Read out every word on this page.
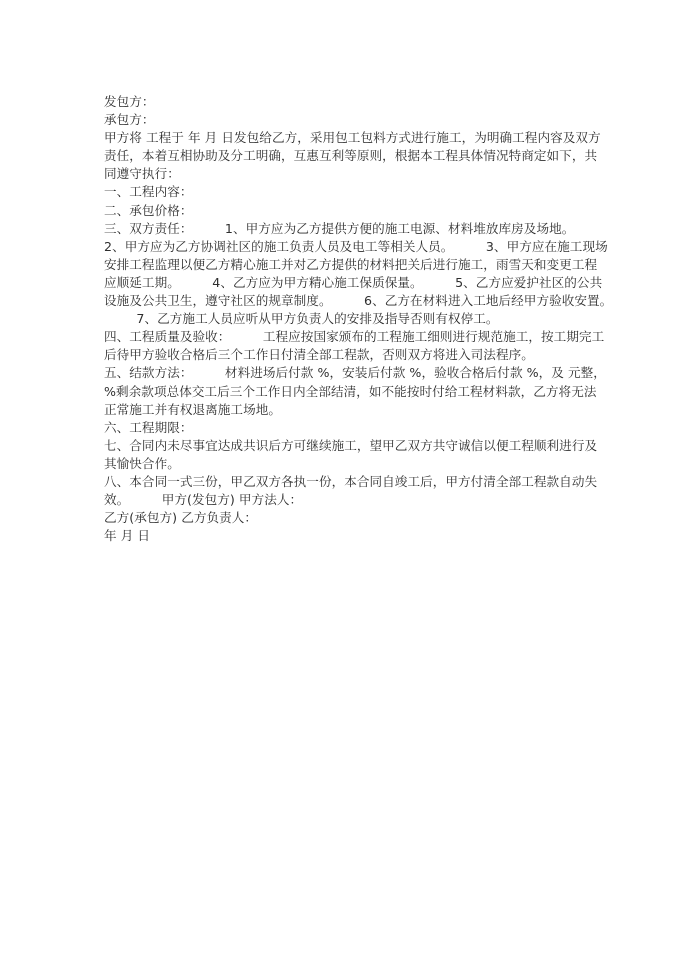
发包方：
承包方：
甲方将 工程于 年 月 日发包给乙方，采用包工包料方式进行施工，为明确工程内容及双方
责任，本着互相协助及分工明确，互惠互利等原则，根据本工程具体情况特商定如下，共
同遵守执行：
一、工程内容：
二、承包价格：
三、双方责任：        1、甲方应为乙方提供方便的施工电源、材料堆放库房及场地。
2、甲方应为乙方协调社区的施工负责人员及电工等相关人员。        3、甲方应在施工现场
安排工程监理以便乙方精心施工并对乙方提供的材料把关后进行施工，雨雪天和变更工程
应顺延工期。        4、乙方应为甲方精心施工保质保量。        5、乙方应爱护社区的公共
设施及公共卫生，遵守社区的规章制度。        6、乙方在材料进入工地后经甲方验收安置。
7、乙方施工人员应听从甲方负责人的安排及指导否则有权停工。
四、工程质量及验收：        工程应按国家颁布的工程施工细则进行规范施工，按工期完工
后待甲方验收合格后三个工作日付清全部工程款，否则双方将进入司法程序。
五、结款方法：        材料进场后付款 %，安装后付款 %，验收合格后付款 %，及 元整，
%剩余款项总体交工后三个工作日内全部结清，如不能按时付给工程材料款，乙方将无法
正常施工并有权退离施工场地。
六、工程期限：
七、合同内未尽事宜达成共识后方可继续施工，望甲乙双方共守诚信以便工程顺利进行及
其愉快合作。
八、本合同一式三份，甲乙双方各执一份，本合同自竣工后，甲方付清全部工程款自动失
效。        甲方(发包方) 甲方法人：
乙方(承包方) 乙方负责人：
年 月 日
